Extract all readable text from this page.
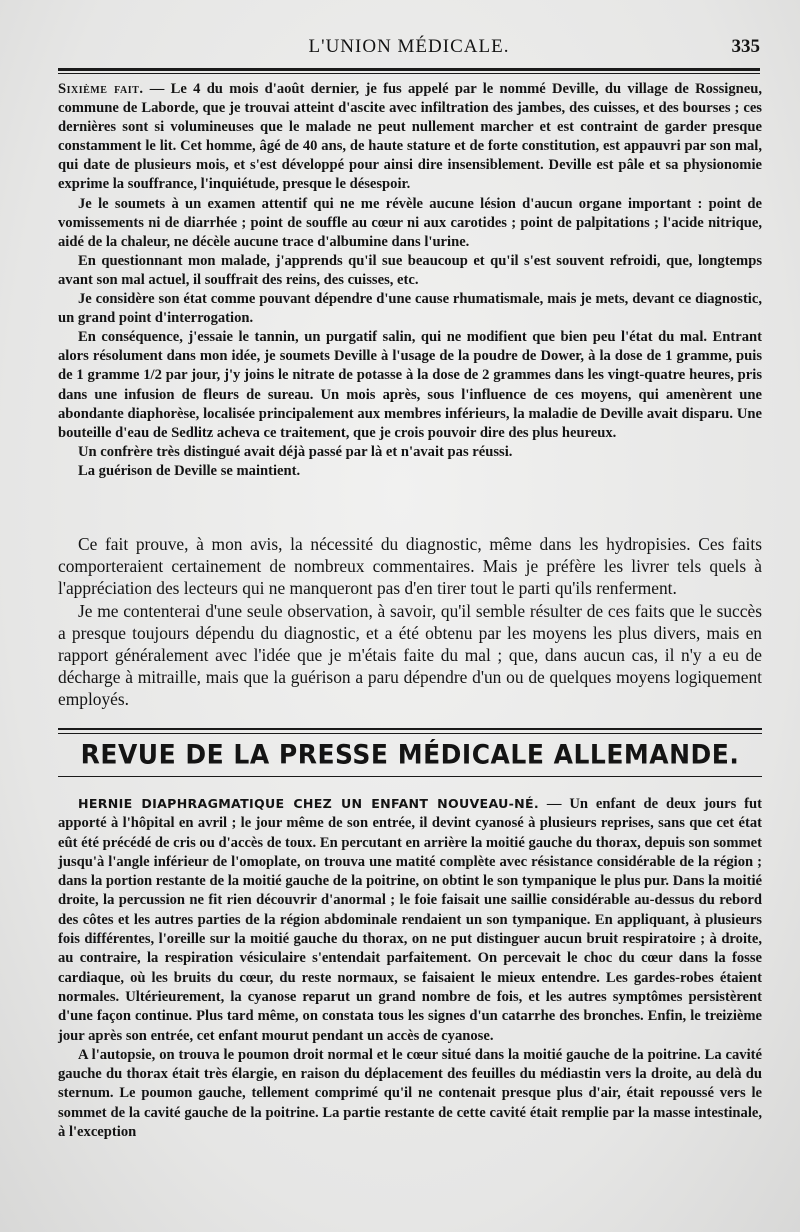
L'UNION MÉDICALE.	335

Sixième fait. — Le 4 du mois d'août dernier, je fus appelé par le nommé Deville, du village de Rossigneu, commune de Laborde, que je trouvai atteint d'ascite avec infiltration des jambes, des cuisses, et des bourses ; ces dernières sont si volumineuses que le malade ne peut nullement marcher et est contraint de garder presque constamment le lit. Cet homme, âgé de 40 ans, de haute stature et de forte constitution, est appauvri par son mal, qui date de plusieurs mois, et s'est développé pour ainsi dire insensiblement. Deville est pâle et sa physionomie exprime la souffrance, l'inquiétude, presque le désespoir.

Je le soumets à un examen attentif qui ne me révèle aucune lésion d'aucun organe important : point de vomissements ni de diarrhée ; point de souffle au cœur ni aux carotides ; point de palpitations ; l'acide nitrique, aidé de la chaleur, ne décèle aucune trace d'albumine dans l'urine.

En questionnant mon malade, j'apprends qu'il sue beaucoup et qu'il s'est souvent refroidi, que, longtemps avant son mal actuel, il souffrait des reins, des cuisses, etc.

Je considère son état comme pouvant dépendre d'une cause rhumatismale, mais je mets, devant ce diagnostic, un grand point d'interrogation.

En conséquence, j'essaie le tannin, un purgatif salin, qui ne modifient que bien peu l'état du mal. Entrant alors résolument dans mon idée, je soumets Deville à l'usage de la poudre de Dower, à la dose de 1 gramme, puis de 1 gramme 1/2 par jour, j'y joins le nitrate de potasse à la dose de 2 grammes dans les vingt-quatre heures, pris dans une infusion de fleurs de sureau. Un mois après, sous l'influence de ces moyens, qui amenèrent une abondante diaphorèse, localisée principalement aux membres inférieurs, la maladie de Deville avait disparu. Une bouteille d'eau de Sedlitz acheva ce traitement, que je crois pouvoir dire des plus heureux.

Un confrère très distingué avait déjà passé par là et n'avait pas réussi.

La guérison de Deville se maintient.

Ce fait prouve, à mon avis, la nécessité du diagnostic, même dans les hydropisies. Ces faits comporteraient certainement de nombreux commentaires. Mais je préfère les livrer tels quels à l'appréciation des lecteurs qui ne manqueront pas d'en tirer tout le parti qu'ils renferment.

Je me contenterai d'une seule observation, à savoir, qu'il semble résulter de ces faits que le succès a presque toujours dépendu du diagnostic, et a été obtenu par les moyens les plus divers, mais en rapport généralement avec l'idée que je m'étais faite du mal ; que, dans aucun cas, il n'y a eu de décharge à mitraille, mais que la guérison a paru dépendre d'un ou de quelques moyens logiquement employés.

REVUE DE LA PRESSE MÉDICALE ALLEMANDE.

HERNIE DIAPHRAGMATIQUE CHEZ UN ENFANT NOUVEAU-NÉ. — Un enfant de deux jours fut apporté à l'hôpital en avril ; le jour même de son entrée, il devint cyanosé à plusieurs reprises, sans que cet état eût été précédé de cris ou d'accès de toux. En percutant en arrière la moitié gauche du thorax, depuis son sommet jusqu'à l'angle inférieur de l'omoplate, on trouva une matité complète avec résistance considérable de la région ; dans la portion restante de la moitié gauche de la poitrine, on obtint le son tympanique le plus pur. Dans la moitié droite, la percussion ne fit rien découvrir d'anormal ; le foie faisait une saillie considérable au-dessus du rebord des côtes et les autres parties de la région abdominale rendaient un son tympanique. En appliquant, à plusieurs fois différentes, l'oreille sur la moitié gauche du thorax, on ne put distinguer aucun bruit respiratoire ; à droite, au contraire, la respiration vésiculaire s'entendait parfaitement. On percevait le choc du cœur dans la fosse cardiaque, où les bruits du cœur, du reste normaux, se faisaient le mieux entendre. Les gardes-robes étaient normales. Ultérieurement, la cyanose reparut un grand nombre de fois, et les autres symptômes persistèrent d'une façon continue. Plus tard même, on constata tous les signes d'un catarrhe des bronches. Enfin, le treizième jour après son entrée, cet enfant mourut pendant un accès de cyanose.

A l'autopsie, on trouva le poumon droit normal et le cœur situé dans la moitié gauche de la poitrine. La cavité gauche du thorax était très élargie, en raison du déplacement des feuilles du médiastin vers la droite, au delà du sternum. Le poumon gauche, tellement comprimé qu'il ne contenait presque plus d'air, était repoussé vers le sommet de la cavité gauche de la poitrine. La partie restante de cette cavité était remplie par la masse intestinale, à l'exception
